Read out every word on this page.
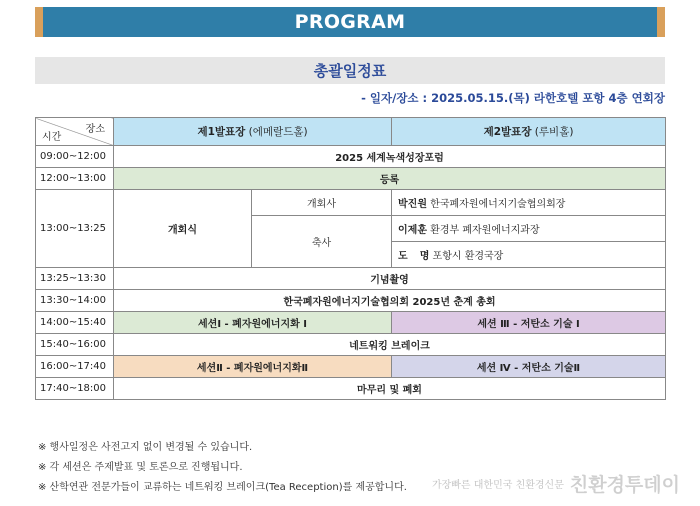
PROGRAM
총괄일정표
- 일자/장소 : 2025.05.15.(목) 라한호텔 포항 4층 연회장
장소
시간	제1발표장 (에메랄드홀)		제2발표장 (루비홀)
09:00~12:00	2025 세계녹색성장포럼		
12:00~13:00	등록		
13:00~13:25	개회식	개회사	박진원 한국폐자원에너지기술협의회장
		축사	이제훈 환경부 폐자원에너지과장
			도 명 포항시 환경국장
13:25~13:30	기념촬영		
13:30~14:00	한국폐자원에너지기술협의회 2025년 춘계 총회		
14:00~15:40	세션Ⅰ - 폐자원에너지화 Ⅰ		세션 Ⅲ - 저탄소 기술 Ⅰ
15:40~16:00	네트워킹 브레이크		
16:00~17:40	세션Ⅱ - 폐자원에너지화Ⅱ		세션 Ⅳ - 저탄소 기술Ⅱ
17:40~18:00	마무리 및 폐회		
※ 행사일정은 사전고지 없이 변경될 수 있습니다.
※ 각 세션은 주제발표 및 토론으로 진행됩니다.
※ 산학연관 전문가들이 교류하는 네트워킹 브레이크(Tea Reception)를 제공합니다.	가장빠른 대한민국 친환경신문 친환경투데이
